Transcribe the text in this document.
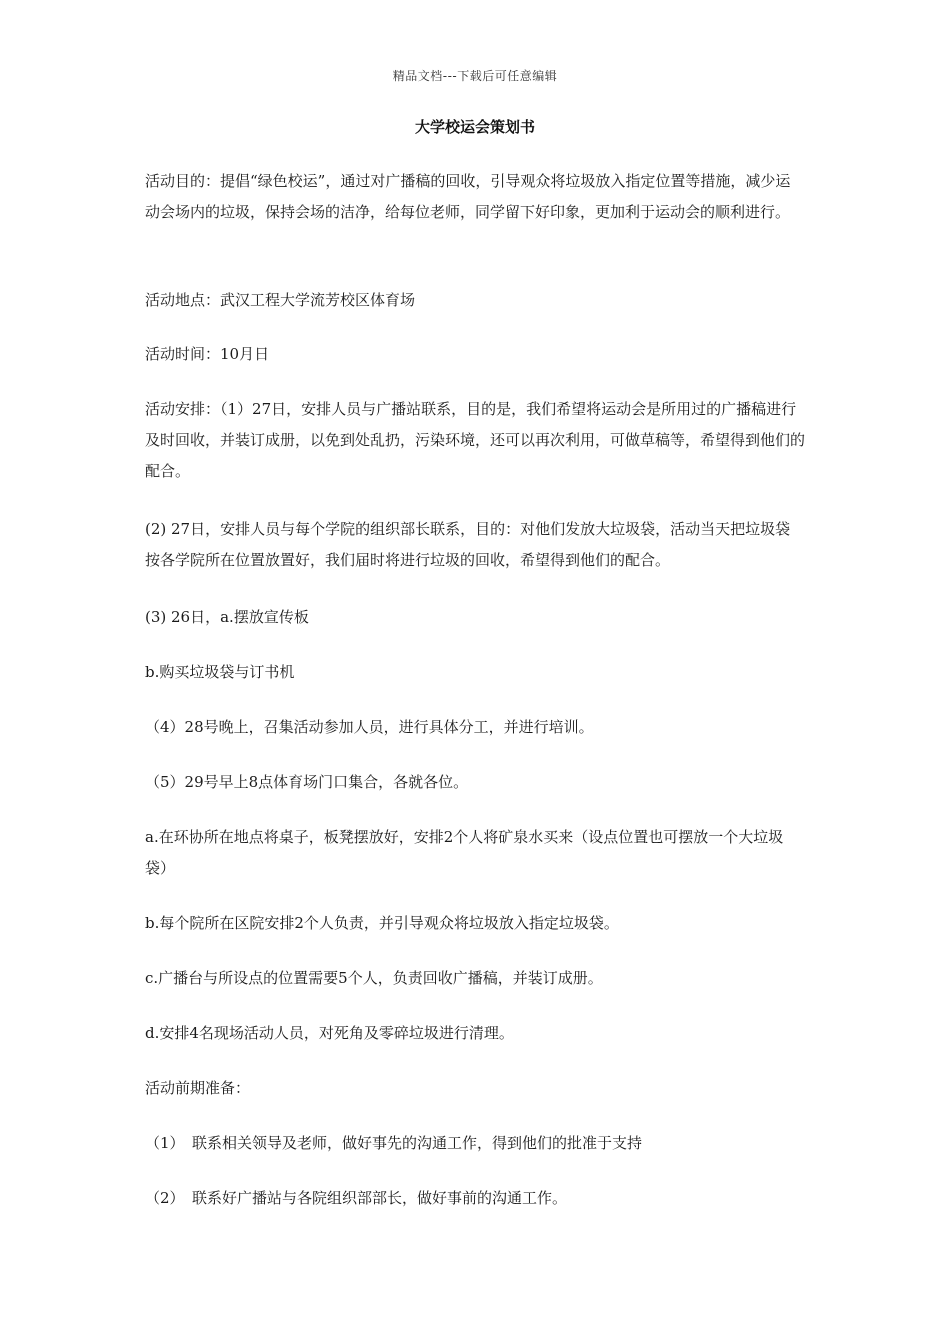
精品文档---下载后可任意编辑
大学校运会策划书

活动目的：提倡“绿色校运”，通过对广播稿的回收，引导观众将垃圾放入指定位置等措施，减少运动会场内的垃圾，保持会场的洁净，给每位老师，同学留下好印象，更加利于运动会的顺利进行。

活动地点：武汉工程大学流芳校区体育场

活动时间：10月日

活动安排：（1）27日，安排人员与广播站联系，目的是，我们希望将运动会是所用过的广播稿进行及时回收，并装订成册，以免到处乱扔，污染环境，还可以再次利用，可做草稿等，希望得到他们的配合。

(2) 27日，安排人员与每个学院的组织部长联系，目的：对他们发放大垃圾袋，活动当天把垃圾袋按各学院所在位置放置好，我们届时将进行垃圾的回收，希望得到他们的配合。

(3) 26日，a.摆放宣传板

b.购买垃圾袋与订书机

（4）28号晚上，召集活动参加人员，进行具体分工，并进行培训。

（5）29号早上8点体育场门口集合，各就各位。

a.在环协所在地点将桌子，板凳摆放好，安排2个人将矿泉水买来（设点位置也可摆放一个大垃圾袋）

b.每个院所在区院安排2个人负责，并引导观众将垃圾放入指定垃圾袋。

c.广播台与所设点的位置需要5个人，负责回收广播稿，并装订成册。

d.安排4名现场活动人员，对死角及零碎垃圾进行清理。

活动前期准备：

（1）　联系相关领导及老师，做好事先的沟通工作，得到他们的批准于支持

（2）　联系好广播站与各院组织部部长，做好事前的沟通工作。
